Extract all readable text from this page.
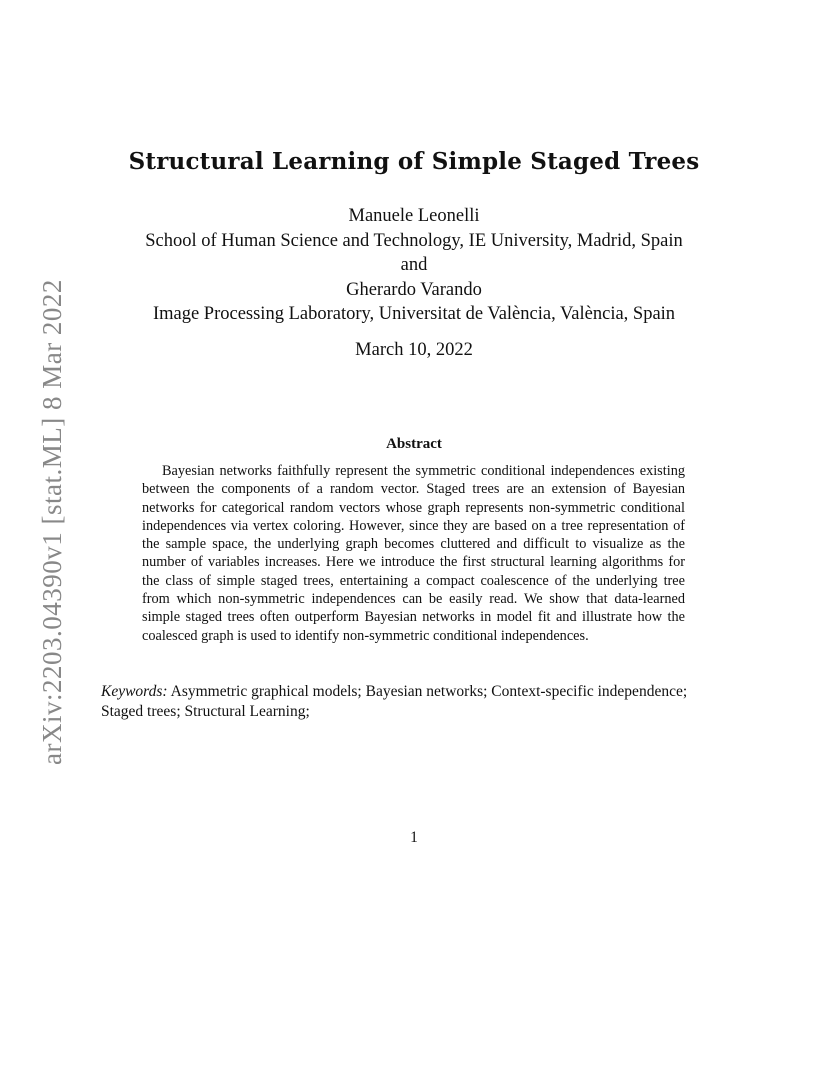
arXiv:2203.04390v1 [stat.ML] 8 Mar 2022
Structural Learning of Simple Staged Trees
Manuele Leonelli
School of Human Science and Technology, IE University, Madrid, Spain
and
Gherardo Varando
Image Processing Laboratory, Universitat de València, València, Spain
March 10, 2022
Abstract

Bayesian networks faithfully represent the symmetric conditional independences existing between the components of a random vector. Staged trees are an extension of Bayesian networks for categorical random vectors whose graph represents non-symmetric conditional independences via vertex coloring. However, since they are based on a tree representation of the sample space, the underlying graph becomes cluttered and difficult to visualize as the number of variables increases. Here we introduce the first structural learning algorithms for the class of simple staged trees, entertaining a compact coalescence of the underlying tree from which non-symmetric independences can be easily read. We show that data-learned simple staged trees often outperform Bayesian networks in model fit and illustrate how the coalesced graph is used to identify non-symmetric conditional independences.

Keywords: Asymmetric graphical models; Bayesian networks; Context-specific independence; Staged trees; Structural Learning;

1
